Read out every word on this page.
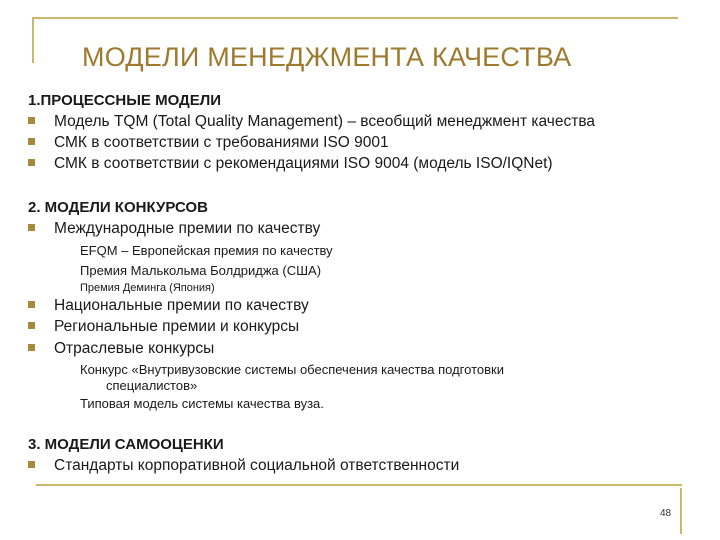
МОДЕЛИ МЕНЕДЖМЕНТА КАЧЕСТВА
1.ПРОЦЕССНЫЕ МОДЕЛИ
Модель TQM (Total Quality Management) – всеобщий менеджмент качества
СМК в соответствии с требованиями ISO 9001
СМК в соответствии с рекомендациями ISO 9004 (модель ISO/IQNet)
2. МОДЕЛИ КОНКУРСОВ
Международные премии по качеству
EFQM – Европейская премия по качеству
Премия Малькольма Болдриджа (США)
Премия Деминга (Япония)
Национальные премии по качеству
Региональные премии и конкурсы
Отраслевые конкурсы
Конкурс «Внутривузовские системы обеспечения качества подготовки
специалистов»
Типовая модель системы качества вуза.
3. МОДЕЛИ САМООЦЕНКИ
Стандарты корпоративной социальной ответственности
48
